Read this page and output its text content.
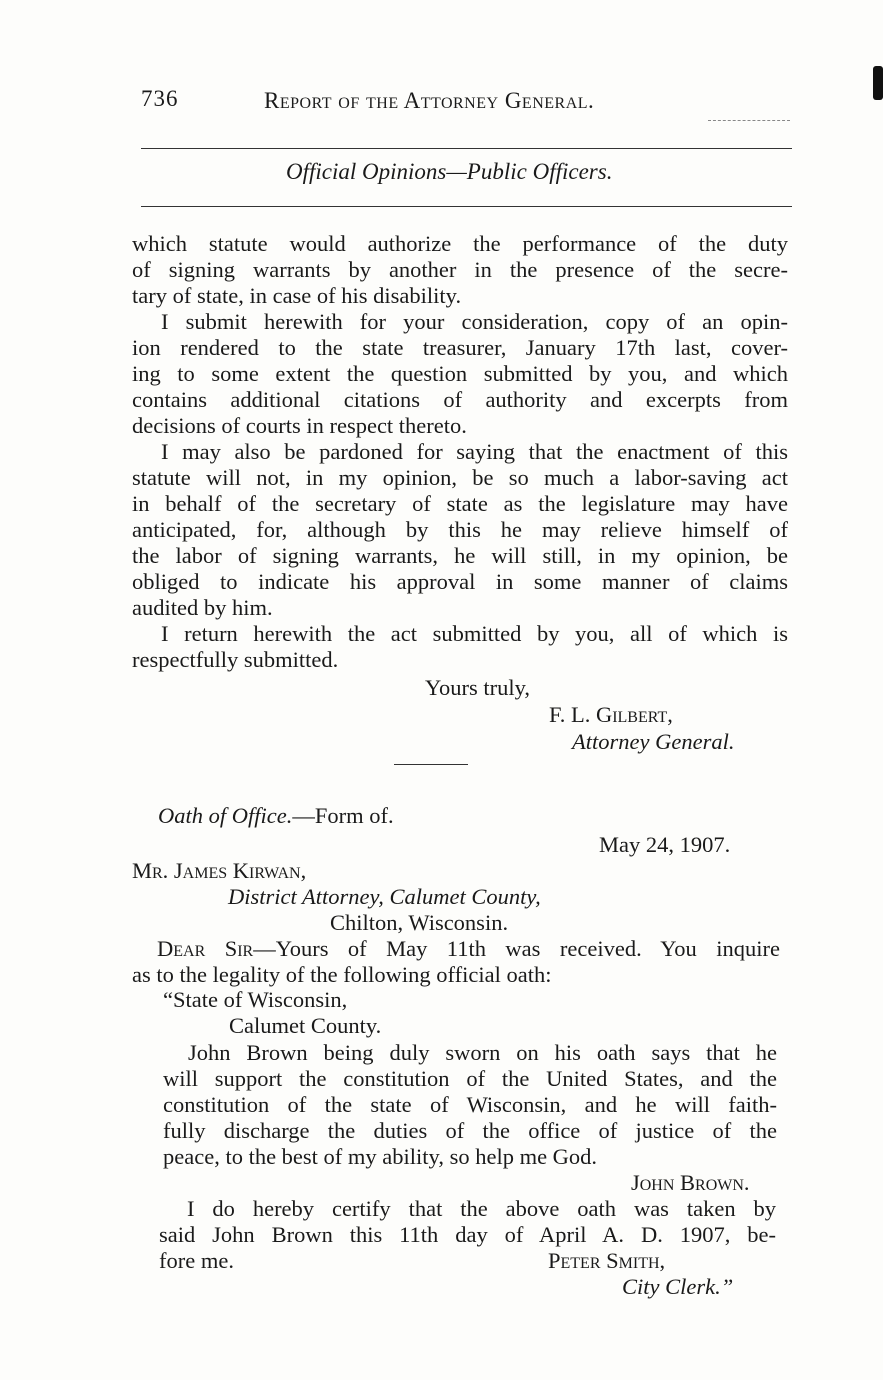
736	Report of the Attorney General.
Official Opinions—Public Officers.
which statute would authorize the performance of the duty
of signing warrants by another in the presence of the secre-
tary of state, in case of his disability.
I submit herewith for your consideration, copy of an opin-
ion rendered to the state treasurer, January 17th last, cover-
ing to some extent the question submitted by you, and which
contains additional citations of authority and excerpts from
decisions of courts in respect thereto.
I may also be pardoned for saying that the enactment of this
statute will not, in my opinion, be so much a labor-saving act
in behalf of the secretary of state as the legislature may have
anticipated, for, although by this he may relieve himself of
the labor of signing warrants, he will still, in my opinion, be
obliged to indicate his approval in some manner of claims
audited by him.
I return herewith the act submitted by you, all of which is
respectfully submitted.
Yours truly,
F. L. Gilbert,
Attorney General.
Oath of Office.—Form of.
May 24, 1907.
Mr. James Kirwan,
District Attorney, Calumet County,
Chilton, Wisconsin.
Dear Sir—Yours of May 11th was received. You inquire
as to the legality of the following official oath:
“State of Wisconsin,
Calumet County.
John Brown being duly sworn on his oath says that he
will support the constitution of the United States, and the
constitution of the state of Wisconsin, and he will faith-
fully discharge the duties of the office of justice of the
peace, to the best of my ability, so help me God.
John Brown.
I do hereby certify that the above oath was taken by
said John Brown this 11th day of April A. D. 1907, be-
fore me.	Peter Smith,
City Clerk.”
